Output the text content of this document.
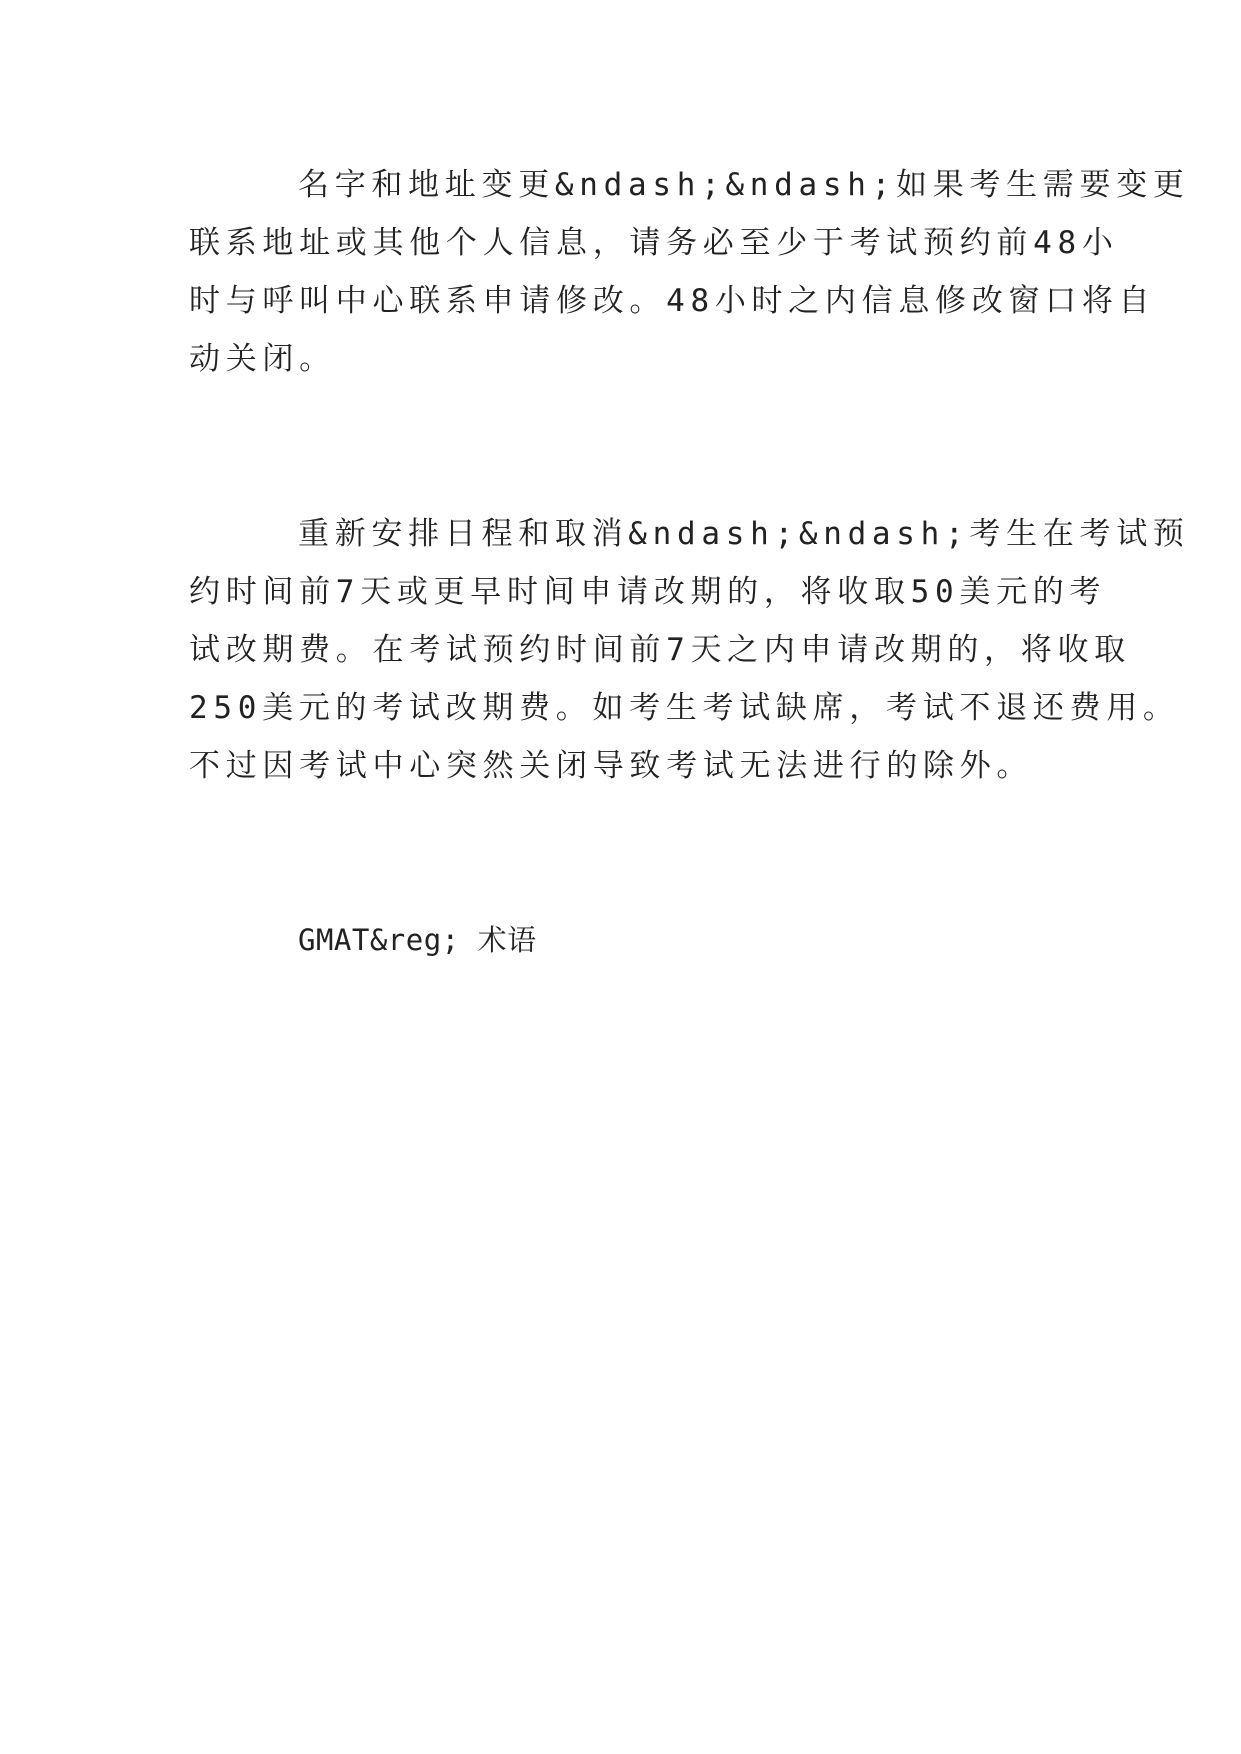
名字和地址变更&ndash;&ndash;如果考生需要变更

联系地址或其他个人信息，请务必至少于考试预约前48小

时与呼叫中心联系申请修改。48小时之内信息修改窗口将自

动关闭。

重新安排日程和取消&ndash;&ndash;考生在考试预

约时间前7天或更早时间申请改期的，将收取50美元的考

试改期费。在考试预约时间前7天之内申请改期的，将收取

250美元的考试改期费。如考生考试缺席，考试不退还费用。

不过因考试中心突然关闭导致考试无法进行的除外。

GMAT&reg; 术语
